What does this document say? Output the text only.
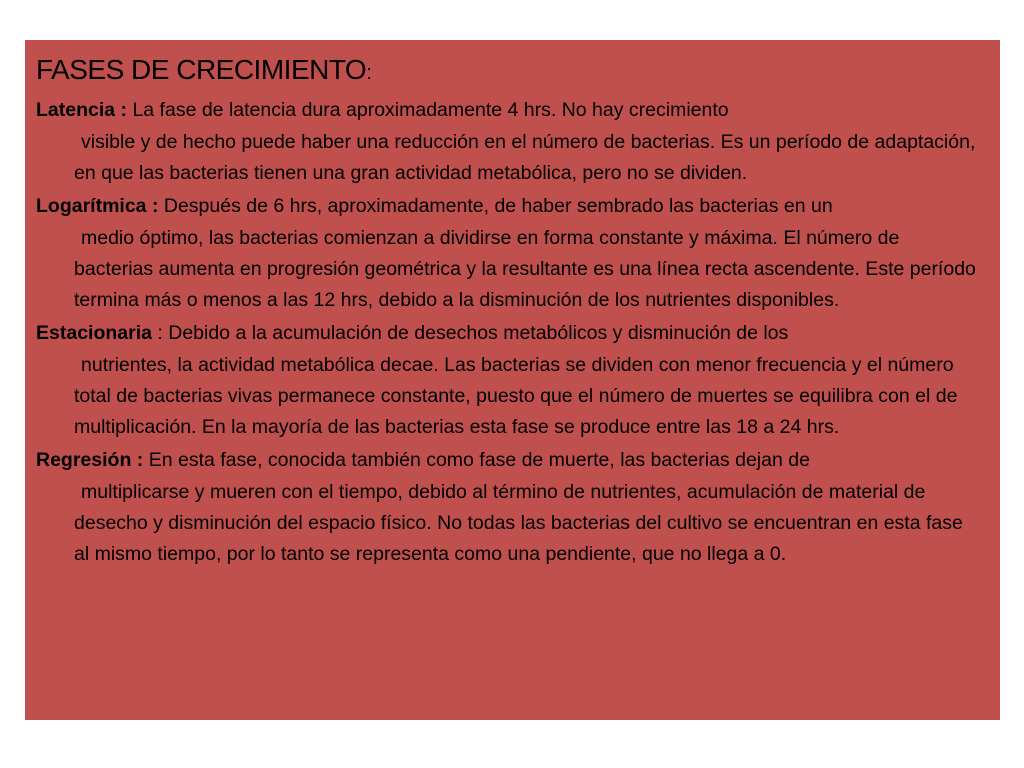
FASES DE CRECIMIENTO:
Latencia : La fase de latencia dura aproximadamente 4 hrs. No hay crecimiento
visible y de hecho puede haber una reducción en el número de bacterias. Es un período de adaptación, en que las bacterias tienen una gran actividad metabólica, pero no se dividen.
Logarítmica : Después de 6 hrs, aproximadamente, de haber sembrado las bacterias en un
medio óptimo, las bacterias comienzan a dividirse en forma constante y máxima. El número de bacterias aumenta en progresión geométrica y la resultante es una línea recta ascendente. Este período termina más o menos a las 12 hrs, debido a la disminución de los nutrientes disponibles.
Estacionaria : Debido a la acumulación de desechos metabólicos y disminución de los
nutrientes, la actividad metabólica decae. Las bacterias se dividen con menor frecuencia y el número total de bacterias vivas permanece constante, puesto que el número de muertes se equilibra con el de multiplicación. En la mayoría de las bacterias esta fase se produce entre las 18 a 24 hrs.
Regresión : En esta fase, conocida también como fase de muerte, las bacterias dejan de
multiplicarse y mueren con el tiempo, debido al término de nutrientes, acumulación de material de desecho y disminución del espacio físico. No todas las bacterias del cultivo se encuentran en esta fase al mismo tiempo, por lo tanto se representa como una pendiente, que no llega a 0.
